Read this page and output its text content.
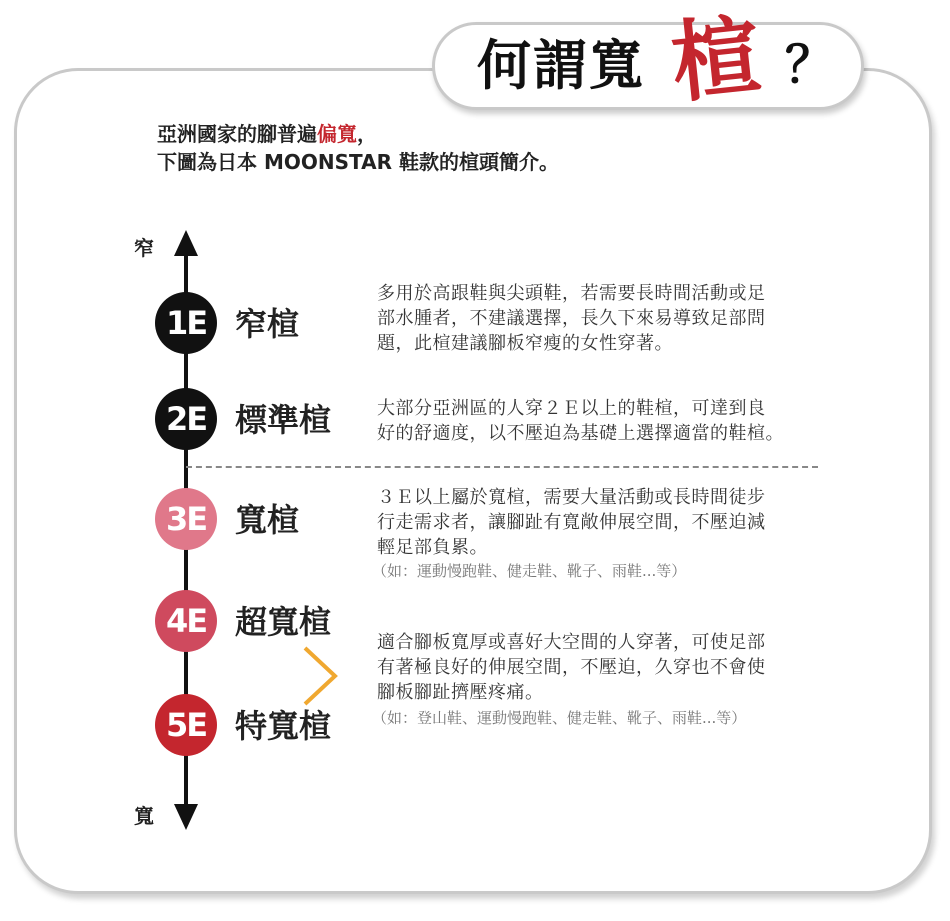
何謂寬 楦 ？
亞洲國家的腳普遍偏寬，
下圖為日本 MOONSTAR 鞋款的楦頭簡介。
窄
寬
1E
2E
3E
4E
5E
窄楦
標準楦
寬楦
超寬楦
特寬楦
多用於高跟鞋與尖頭鞋，若需要長時間活動或足
部水腫者，不建議選擇，長久下來易導致足部問
題，此楦建議腳板窄瘦的女性穿著。
大部分亞洲區的人穿２Ｅ以上的鞋楦，可達到良
好的舒適度，以不壓迫為基礎上選擇適當的鞋楦。
３Ｅ以上屬於寬楦，需要大量活動或長時間徒步
行走需求者，讓腳趾有寬敞伸展空間，不壓迫減
輕足部負累。
（如：運動慢跑鞋、健走鞋、靴子、雨鞋...等）
適合腳板寬厚或喜好大空間的人穿著，可使足部
有著極良好的伸展空間，不壓迫，久穿也不會使
腳板腳趾擠壓疼痛。
（如：登山鞋、運動慢跑鞋、健走鞋、靴子、雨鞋...等）
